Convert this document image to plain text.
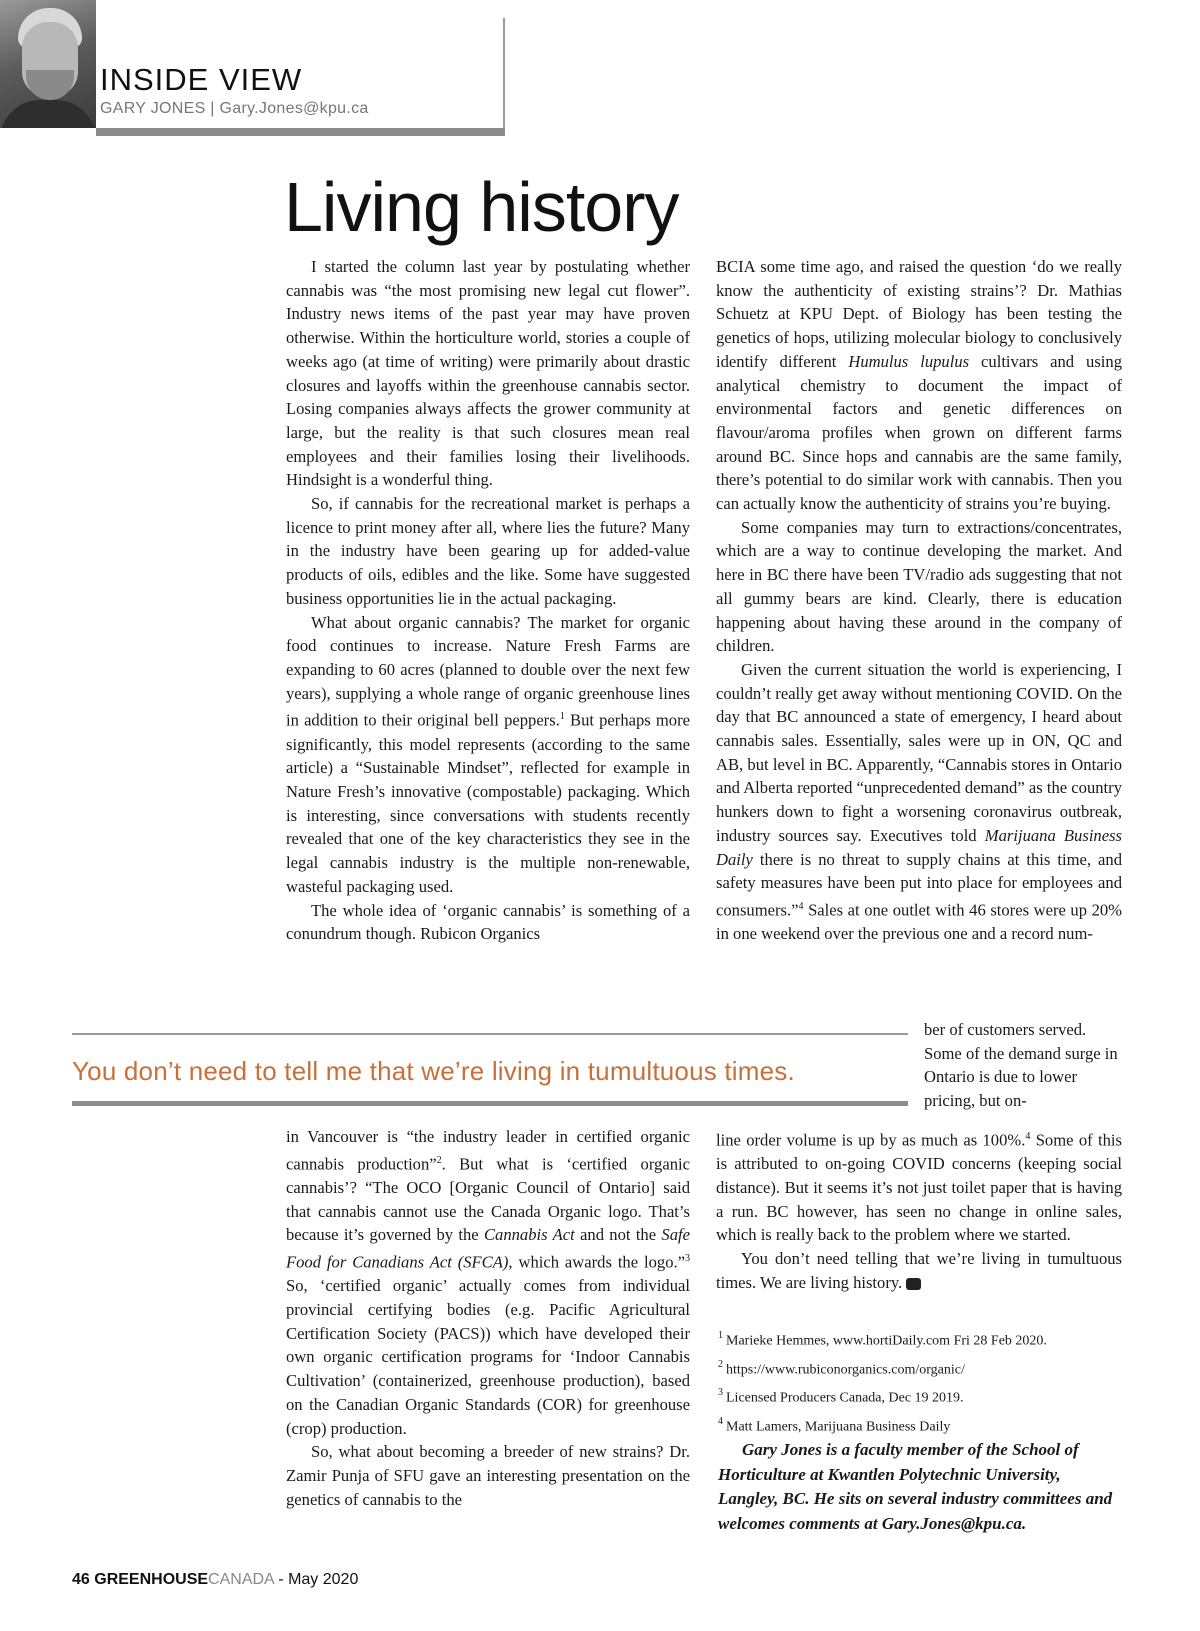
INSIDE VIEW
GARY JONES | Gary.Jones@kpu.ca
Living history

I started the column last year by postulating whether cannabis was “the most promising new legal cut flower”. Industry news items of the past year may have proven otherwise. Within the horticulture world, stories a couple of weeks ago (at time of writing) were primarily about drastic closures and layoffs within the greenhouse cannabis sector. Losing companies always affects the grower community at large, but the reality is that such closures mean real employees and their families losing their livelihoods. Hindsight is a wonderful thing.

So, if cannabis for the recreational market is perhaps a licence to print money after all, where lies the future? Many in the industry have been gearing up for added-value products of oils, edibles and the like. Some have suggested business opportunities lie in the actual packaging.

What about organic cannabis? The market for organic food continues to increase. Nature Fresh Farms are expanding to 60 acres (planned to double over the next few years), supplying a whole range of organic greenhouse lines in addition to their original bell peppers.$^1$ But perhaps more significantly, this model represents (according to the same article) a “Sustainable Mindset”, reflected for example in Nature Fresh’s innovative (compostable) packaging. Which is interesting, since conversations with students recently revealed that one of the key characteristics they see in the legal cannabis industry is the multiple non-renewable, wasteful packaging used.

The whole idea of ‘organic cannabis’ is something of a conundrum though. Rubicon Organics

BCIA some time ago, and raised the question ‘do we really know the authenticity of existing strains’? Dr. Mathias Schuetz at KPU Dept. of Biology has been testing the genetics of hops, utilizing molecular biology to conclusively identify different Humulus lupulus cultivars and using analytical chemistry to document the impact of environmental factors and genetic differences on flavour/aroma profiles when grown on different farms around BC. Since hops and cannabis are the same family, there’s potential to do similar work with cannabis. Then you can actually know the authenticity of strains you’re buying.

Some companies may turn to extractions/concentrates, which are a way to continue developing the market. And here in BC there have been TV/radio ads suggesting that not all gummy bears are kind. Clearly, there is education happening about having these around in the company of children.

Given the current situation the world is experiencing, I couldn’t really get away without mentioning COVID. On the day that BC announced a state of emergency, I heard about cannabis sales. Essentially, sales were up in ON, QC and AB, but level in BC. Apparently, “Cannabis stores in Ontario and Alberta reported “unprecedented demand” as the country hunkers down to fight a worsening coronavirus outbreak, industry sources say. Executives told Marijuana Business Daily there is no threat to supply chains at this time, and safety measures have been put into place for employees and consumers.”$^4$ Sales at one outlet with 46 stores were up 20% in one weekend over the previous one and a record num-

ber of customers served. Some of the demand surge in Ontario is due to lower pricing, but on-

You don’t need to tell me that we’re living in tumultuous times.

in Vancouver is “the industry leader in certified organic cannabis production”$^2$. But what is ‘certified organic cannabis’? “The OCO [Organic Council of Ontario] said that cannabis cannot use the Canada Organic logo. That’s because it’s governed by the Cannabis Act and not the Safe Food for Canadians Act (SFCA), which awards the logo.”$^3$ So, ‘certified organic’ actually comes from individual provincial certifying bodies (e.g. Pacific Agricultural Certification Society (PACS)) which have developed their own organic certification programs for ‘Indoor Cannabis Cultivation’ (containerized, greenhouse production), based on the Canadian Organic Standards (COR) for greenhouse (crop) production.

So, what about becoming a breeder of new strains? Dr. Zamir Punja of SFU gave an interesting presentation on the genetics of cannabis to the

line order volume is up by as much as 100%.$^4$ Some of this is attributed to on-going COVID concerns (keeping social distance). But it seems it’s not just toilet paper that is having a run. BC however, has seen no change in online sales, which is really back to the problem where we started.

You don’t need telling that we’re living in tumultuous times. We are living history.	GC

$^1$ Marieke Hemmes, www.hortiDaily.com Fri 28 Feb 2020.
$^2$ https://www.rubiconorganics.com/organic/
$^3$ Licensed Producers Canada, Dec 19 2019.
$^4$ Matt Lamers, Marijuana Business Daily
Gary Jones is a faculty member of the School of Horticulture at Kwantlen Polytechnic University, Langley, BC. He sits on several industry committees and welcomes comments at Gary.Jones@kpu.ca.
46 GREENHOUSECANADA - May 2020
